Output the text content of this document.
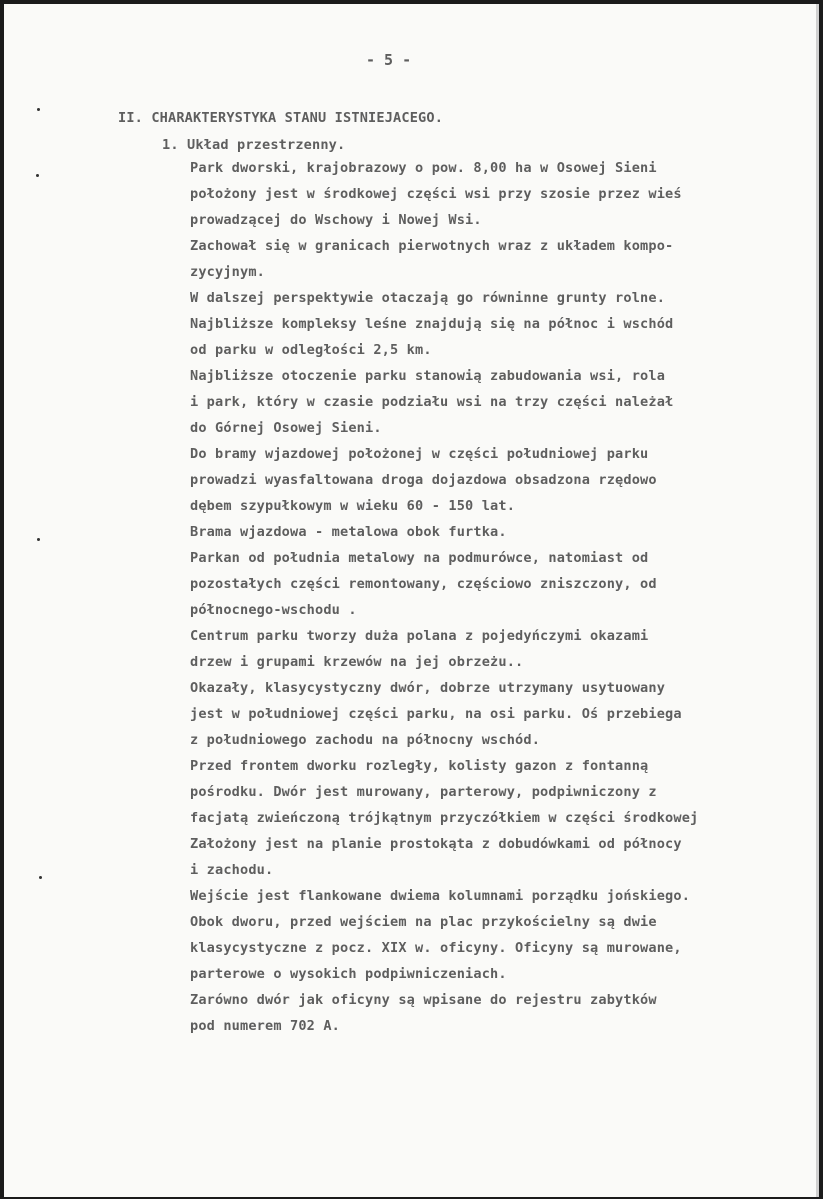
- 5 -
II. CHARAKTERYSTYKA STANU ISTNIEJACEGO.
1. Układ przestrzenny.
Park dworski, krajobrazowy o pow. 8,00 ha w Osowej Sieni
położony jest w środkowej części wsi przy szosie przez wieś
prowadzącej do Wschowy i Nowej Wsi.
Zachował się w granicach pierwotnych wraz z układem kompo-
zycyjnym.
W dalszej perspektywie otaczają go równinne grunty rolne.
Najbliższe kompleksy leśne znajdują się na północ i wschód
od parku w odległości 2,5 km.
Najbliższe otoczenie parku stanowią zabudowania wsi, rola
i park, który w czasie podziału wsi na trzy części należał
do Górnej Osowej Sieni.
Do bramy wjazdowej położonej w części południowej parku
prowadzi wyasfaltowana droga dojazdowa obsadzona rzędowo
dębem szypułkowym w wieku 60 - 150 lat.
Brama wjazdowa - metalowa obok furtka.
Parkan od południa metalowy na podmurówce, natomiast od
pozostałych części remontowany, częściowo zniszczony, od
północnego-wschodu .
Centrum parku tworzy duża polana z pojedyńczymi okazami
drzew i grupami krzewów na jej obrzeżu..
Okazały, klasycystyczny dwór, dobrze utrzymany usytuowany
jest w południowej części parku, na osi parku. Oś przebiega
z południowego zachodu na północny wschód.
Przed frontem dworku rozległy, kolisty gazon z fontanną
pośrodku. Dwór jest murowany, parterowy, podpiwniczony z
facjatą zwieńczoną trójkątnym przyczółkiem w części środkowej
Założony jest na planie prostokąta z dobudówkami od północy
i zachodu.
Wejście jest flankowane dwiema kolumnami porządku jońskiego.
Obok dworu, przed wejściem na plac przykościelny są dwie
klasycystyczne z pocz. XIX w. oficyny. Oficyny są murowane,
parterowe o wysokich podpiwniczeniach.
Zarówno dwór jak oficyny są wpisane do rejestru zabytków
pod numerem 702 A.
